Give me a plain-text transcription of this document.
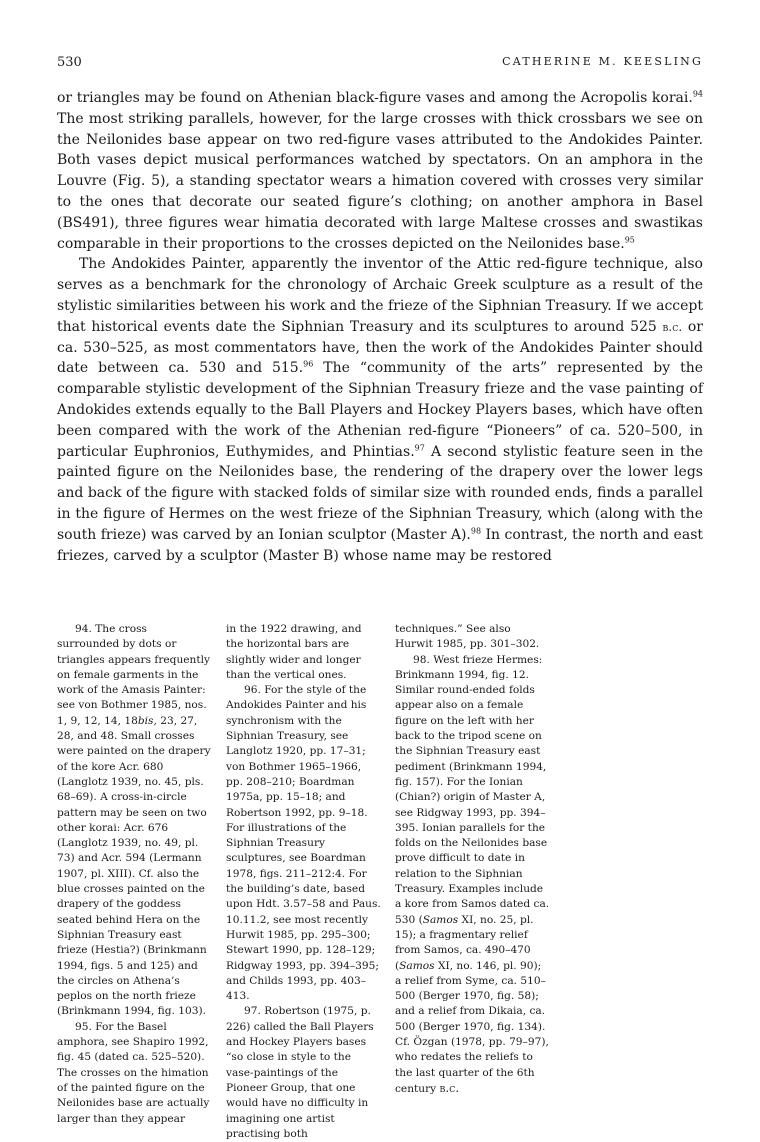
530	CATHERINE M. KEESLING

or triangles may be found on Athenian black-figure vases and among the Acropolis korai.$^{94}$ The most striking parallels, however, for the large crosses with thick crossbars we see on the Neilonides base appear on two red-figure vases attributed to the Andokides Painter. Both vases depict musical performances watched by spectators. On an amphora in the Louvre (Fig. 5), a standing spectator wears a himation covered with crosses very similar to the ones that decorate our seated figure’s clothing; on another amphora in Basel (BS491), three figures wear himatia decorated with large Maltese crosses and swastikas comparable in their proportions to the crosses depicted on the Neilonides base.$^{95}$

The Andokides Painter, apparently the inventor of the Attic red-figure technique, also serves as a benchmark for the chronology of Archaic Greek sculpture as a result of the stylistic similarities between his work and the frieze of the Siphnian Treasury. If we accept that historical events date the Siphnian Treasury and its sculptures to around 525 b.c. or ca. 530–525, as most commentators have, then the work of the Andokides Painter should date between ca. 530 and 515.96 The “community of the arts” represented by the comparable stylistic development of the Siphnian Treasury frieze and the vase painting of Andokides extends equally to the Ball Players and Hockey Players bases, which have often been compared with the work of the Athenian red-figure “Pioneers” of ca. 520–500, in particular Euphronios, Euthymides, and Phintias.$^{97}$ A second stylistic feature seen in the painted figure on the Neilonides base, the rendering of the drapery over the lower legs and back of the figure with stacked folds of similar size with rounded ends, finds a parallel in the figure of Hermes on the west frieze of the Siphnian Treasury, which (along with the south frieze) was carved by an Ionian sculptor (Master A).$^{98}$ In contrast, the north and east friezes, carved by a sculptor (Master B) whose name may be restored

94. The cross surrounded by dots or triangles appears frequently on female garments in the work of the Amasis Painter: see von Bothmer 1985, nos. 1, 9, 12, 14, 18bis, 23, 27, 28, and 48. Small crosses were painted on the drapery of the kore Acr. 680 (Langlotz 1939, no. 45, pls. 68–69). A cross-in-circle pattern may be seen on two other korai: Acr. 676 (Langlotz 1939, no. 49, pl. 73) and Acr. 594 (Lermann 1907, pl. XIII). Cf. also the blue crosses painted on the drapery of the goddess seated behind Hera on the Siphnian Treasury east frieze (Hestia?) (Brinkmann 1994, figs. 5 and 125) and the circles on Athena’s peplos on the north frieze (Brinkmann 1994, fig. 103).

95. For the Basel amphora, see Shapiro 1992, fig. 45 (dated ca. 525–520). The crosses on the himation of the painted figure on the Neilonides base are actually larger than they appear

in the 1922 drawing, and the horizontal bars are slightly wider and longer than the vertical ones.

96. For the style of the Andokides Painter and his synchronism with the Siphnian Treasury, see Langlotz 1920, pp. 17–31; von Bothmer 1965–1966, pp. 208–210; Boardman 1975a, pp. 15–18; and Robertson 1992, pp. 9–18. For illustrations of the Siphnian Treasury sculptures, see Boardman 1978, figs. 211–212:4. For the building’s date, based upon Hdt. 3.57–58 and Paus. 10.11.2, see most recently Hurwit 1985, pp. 295–300; Stewart 1990, pp. 128–129; Ridgway 1993, pp. 394–395; and Childs 1993, pp. 403–413.

97. Robertson (1975, p. 226) called the Ball Players and Hockey Players bases “so close in style to the vase-paintings of the Pioneer Group, that one would have no difficulty in imagining one artist practising both

techniques.” See also Hurwit 1985, pp. 301–302.

98. West frieze Hermes: Brinkmann 1994, fig. 12. Similar round-ended folds appear also on a female figure on the left with her back to the tripod scene on the Siphnian Treasury east pediment (Brinkmann 1994, fig. 157). For the Ionian (Chian?) origin of Master A, see Ridgway 1993, pp. 394–395. Ionian parallels for the folds on the Neilonides base prove difficult to date in relation to the Siphnian Treasury. Examples include a kore from Samos dated ca. 530 (Samos XI, no. 25, pl. 15); a fragmentary relief from Samos, ca. 490–470 (Samos XI, no. 146, pl. 90); a relief from Syme, ca. 510–500 (Berger 1970, fig. 58); and a relief from Dikaia, ca. 500 (Berger 1970, fig. 134). Cf. Özgan (1978, pp. 79–97), who redates the reliefs to the last quarter of the 6th century b.c.
